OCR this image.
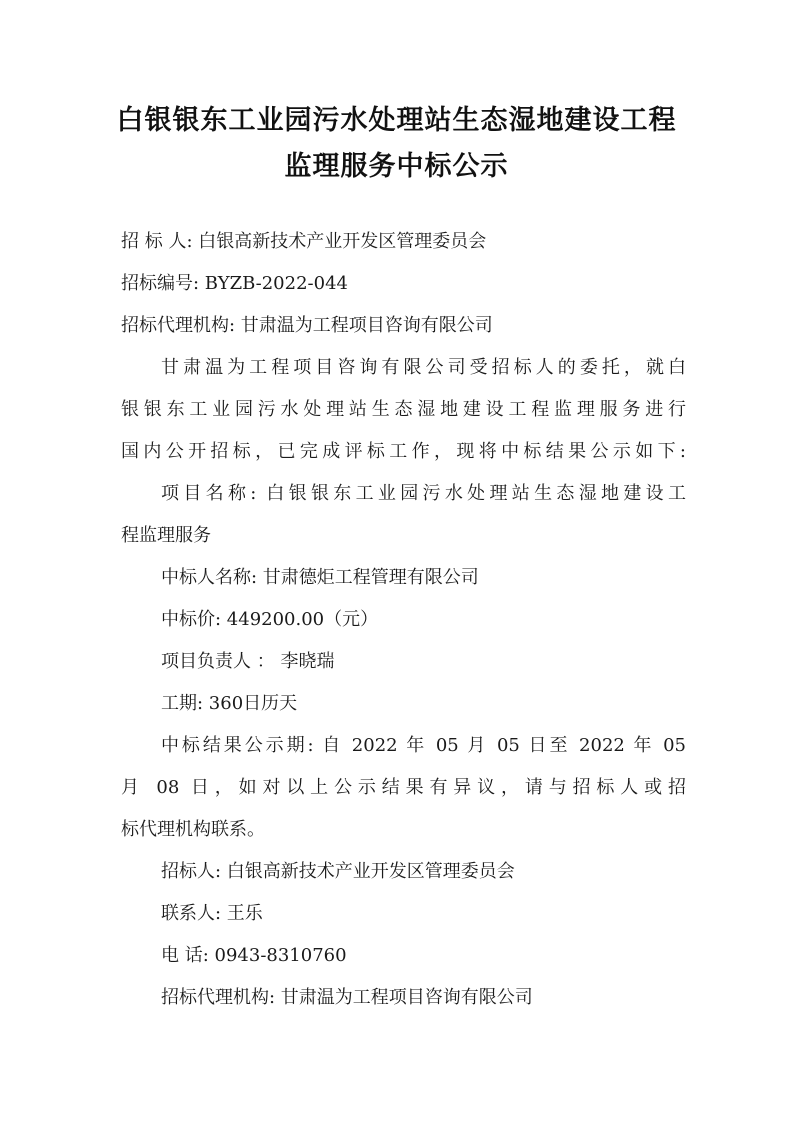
白银银东工业园污水处理站生态湿地建设工程
监理服务中标公示
招 标 人: 白银高新技术产业开发区管理委员会
招标编号: BYZB-2022-044
招标代理机构: 甘肃温为工程项目咨询有限公司
甘肃温为工程项目咨询有限公司受招标人的委托，就白
银银东工业园污水处理站生态湿地建设工程监理服务进行
国内公开招标，已完成评标工作，现将中标结果公示如下:
项目名称: 白银银东工业园污水处理站生态湿地建设工
程监理服务
中标人名称: 甘肃德炬工程管理有限公司
中标价: 449200.00（元）
项目负责人 ： 李晓瑞
工期: 360日历天
中标结果公示期: 自 2022 年 05 月 05 日至 2022 年 05
月 08 日，如对以上公示结果有异议，请与招标人或招
标代理机构联系。
招标人: 白银高新技术产业开发区管理委员会
联系人: 王乐
电 话: 0943-8310760
招标代理机构: 甘肃温为工程项目咨询有限公司
